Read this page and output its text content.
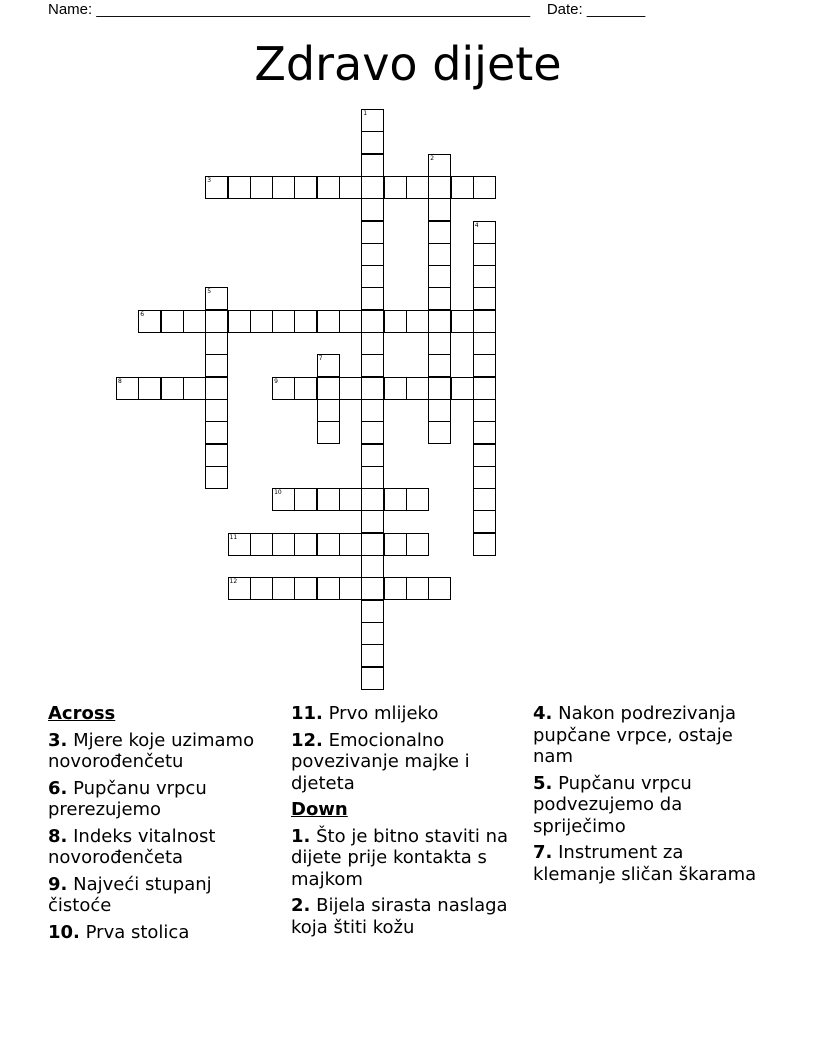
Name: ____________________________________________________    Date: _______
Zdravo dijete
1
2
3
4
5
6
7
8	9
10
11
12
Across
3. Mjere koje uzimamo novorođenčetu
6. Pupčanu vrpcu prerezujemo
8. Indeks vitalnost novorođenčeta
9. Najveći stupanj čistoće
10. Prva stolica
11. Prvo mlijeko
12. Emocionalno povezivanje majke i djeteta
Down
1. Što je bitno staviti na dijete prije kontakta s majkom
2. Bijela sirasta naslaga koja štiti kožu
4. Nakon podrezivanja pupčane vrpce, ostaje nam
5. Pupčanu vrpcu podvezujemo da spriječimo
7. Instrument za klemanje sličan škarama
